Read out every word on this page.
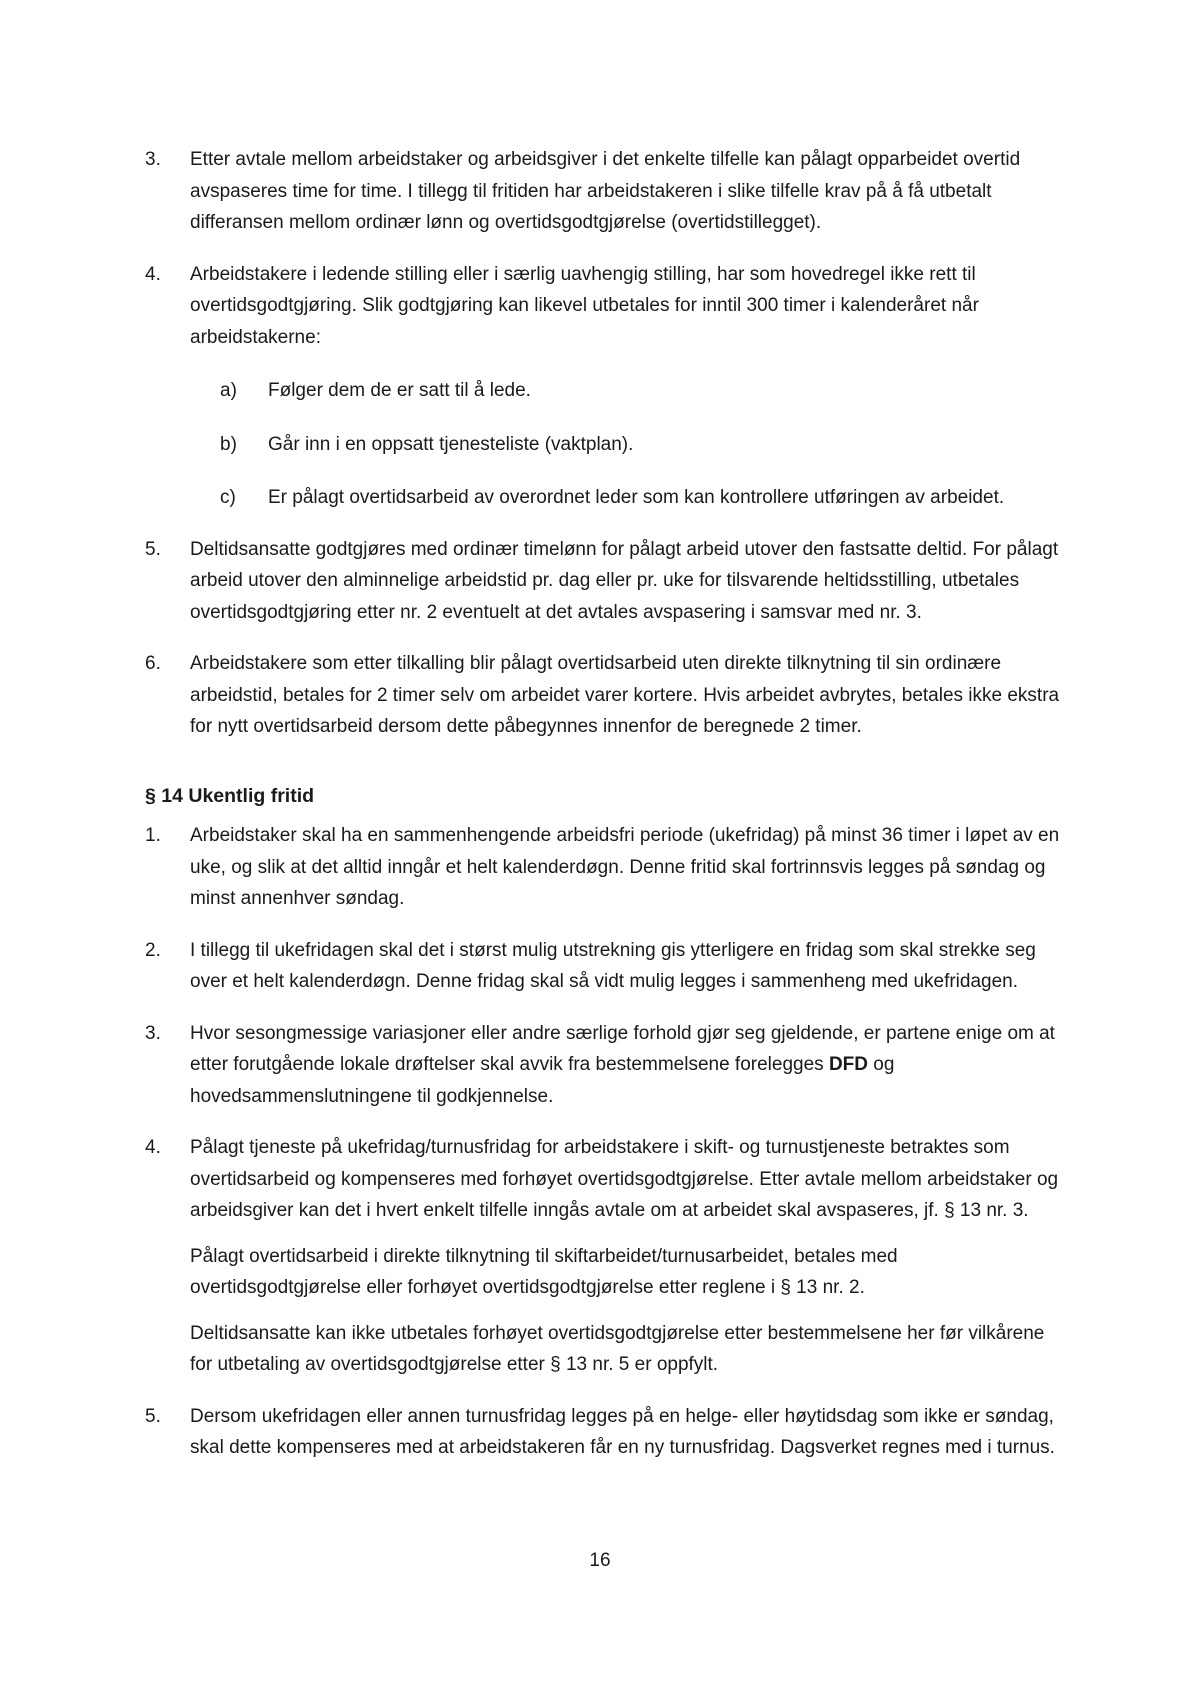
3. Etter avtale mellom arbeidstaker og arbeidsgiver i det enkelte tilfelle kan pålagt opparbeidet overtid avspaseres time for time. I tillegg til fritiden har arbeidstakeren i slike tilfelle krav på å få utbetalt differansen mellom ordinær lønn og overtidsgodtgjørelse (overtidstillegget).
4. Arbeidstakere i ledende stilling eller i særlig uavhengig stilling, har som hovedregel ikke rett til overtidsgodtgjøring. Slik godtgjøring kan likevel utbetales for inntil 300 timer i kalenderåret når arbeidstakerne:
a) Følger dem de er satt til å lede.
b) Går inn i en oppsatt tjenesteliste (vaktplan).
c) Er pålagt overtidsarbeid av overordnet leder som kan kontrollere utføringen av arbeidet.
5. Deltidsansatte godtgjøres med ordinær timelønn for pålagt arbeid utover den fastsatte deltid. For pålagt arbeid utover den alminnelige arbeidstid pr. dag eller pr. uke for tilsvarende heltidsstilling, utbetales overtidsgodtgjøring etter nr. 2 eventuelt at det avtales avspasering i samsvar med nr. 3.
6. Arbeidstakere som etter tilkalling blir pålagt overtidsarbeid uten direkte tilknytning til sin ordinære arbeidstid, betales for 2 timer selv om arbeidet varer kortere. Hvis arbeidet avbrytes, betales ikke ekstra for nytt overtidsarbeid dersom dette påbegynnes innenfor de beregnede 2 timer.
§ 14 Ukentlig fritid
1. Arbeidstaker skal ha en sammenhengende arbeidsfri periode (ukefridag) på minst 36 timer i løpet av en uke, og slik at det alltid inngår et helt kalenderdøgn. Denne fritid skal fortrinnsvis legges på søndag og minst annenhver søndag.
2. I tillegg til ukefridagen skal det i størst mulig utstrekning gis ytterligere en fridag som skal strekke seg over et helt kalenderdøgn. Denne fridag skal så vidt mulig legges i sammenheng med ukefridagen.
3. Hvor sesongmessige variasjoner eller andre særlige forhold gjør seg gjeldende, er partene enige om at etter forutgående lokale drøftelser skal avvik fra bestemmelsene forelegges DFD og hovedsammenslutningene til godkjennelse.
4. Pålagt tjeneste på ukefridag/turnusfridag for arbeidstakere i skift- og turnustjeneste betraktes som overtidsarbeid og kompenseres med forhøyet overtidsgodtgjørelse. Etter avtale mellom arbeidstaker og arbeidsgiver kan det i hvert enkelt tilfelle inngås avtale om at arbeidet skal avspaseres, jf. § 13 nr. 3.
Pålagt overtidsarbeid i direkte tilknytning til skiftarbeidet/turnusarbeidet, betales med overtidsgodtgjørelse eller forhøyet overtidsgodtgjørelse etter reglene i § 13 nr. 2.
Deltidsansatte kan ikke utbetales forhøyet overtidsgodtgjørelse etter bestemmelsene her før vilkårene for utbetaling av overtidsgodtgjørelse etter § 13 nr. 5 er oppfylt.
5. Dersom ukefridagen eller annen turnusfridag legges på en helge- eller høytidsdag som ikke er søndag, skal dette kompenseres med at arbeidstakeren får en ny turnusfridag. Dagsverket regnes med i turnus.
16
